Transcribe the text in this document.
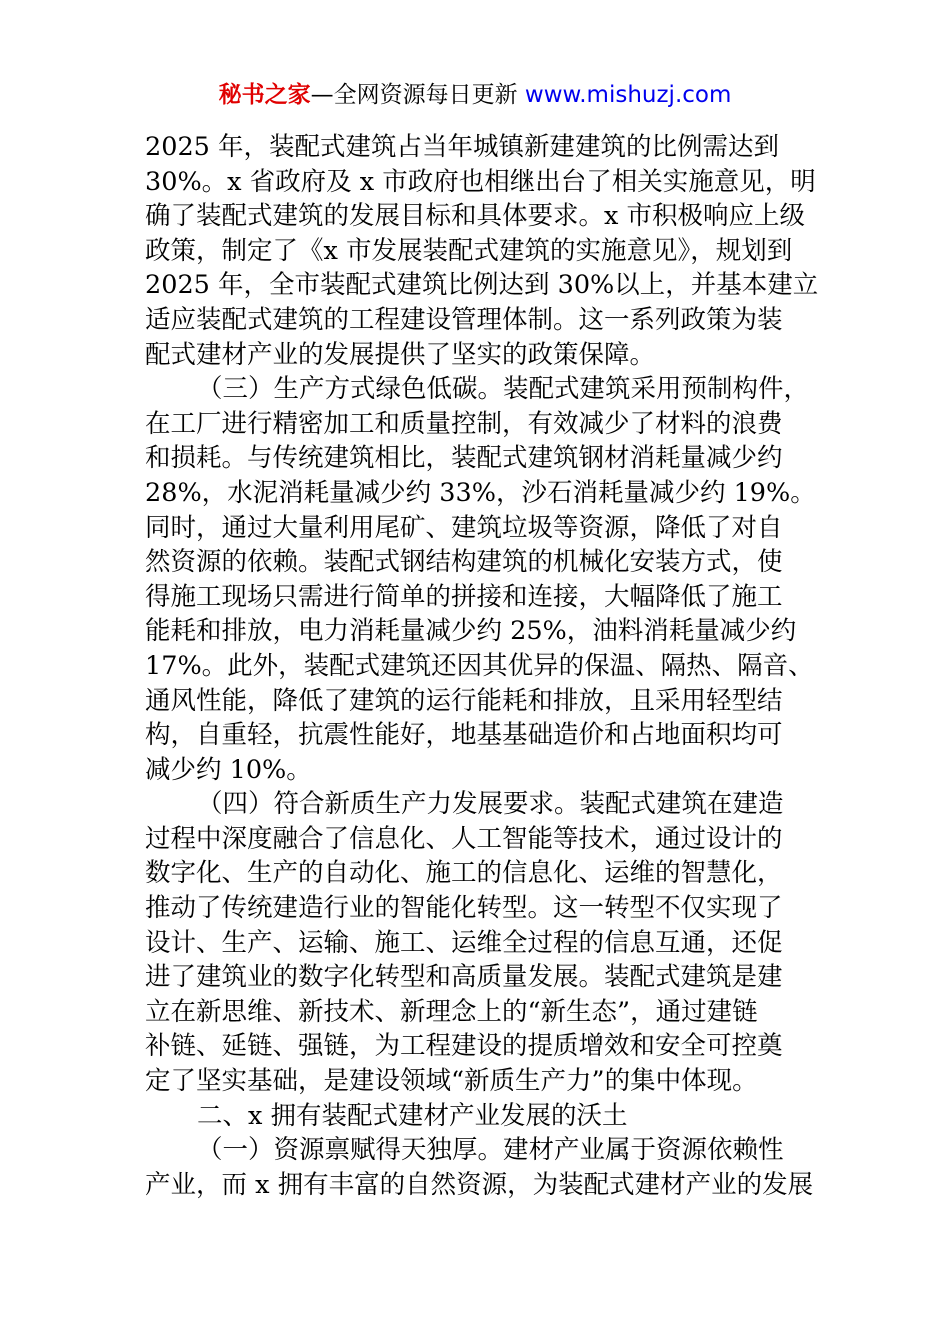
秘书之家—全网资源每日更新 www.mishuzj.com
2025 年，装配式建筑占当年城镇新建建筑的比例需达到
30%。x 省政府及 x 市政府也相继出台了相关实施意见，明
确了装配式建筑的发展目标和具体要求。x 市积极响应上级
政策，制定了《x 市发展装配式建筑的实施意见》，规划到
2025 年，全市装配式建筑比例达到 30%以上，并基本建立
适应装配式建筑的工程建设管理体制。这一系列政策为装
配式建材产业的发展提供了坚实的政策保障。
（三）生产方式绿色低碳。装配式建筑采用预制构件，
在工厂进行精密加工和质量控制，有效减少了材料的浪费
和损耗。与传统建筑相比，装配式建筑钢材消耗量减少约
28%，水泥消耗量减少约 33%，沙石消耗量减少约 19%。
同时，通过大量利用尾矿、建筑垃圾等资源，降低了对自
然资源的依赖。装配式钢结构建筑的机械化安装方式，使
得施工现场只需进行简单的拼接和连接，大幅降低了施工
能耗和排放，电力消耗量减少约 25%，油料消耗量减少约
17%。此外，装配式建筑还因其优异的保温、隔热、隔音、
通风性能，降低了建筑的运行能耗和排放，且采用轻型结
构，自重轻，抗震性能好，地基基础造价和占地面积均可
减少约 10%。
（四）符合新质生产力发展要求。装配式建筑在建造
过程中深度融合了信息化、人工智能等技术，通过设计的
数字化、生产的自动化、施工的信息化、运维的智慧化，
推动了传统建造行业的智能化转型。这一转型不仅实现了
设计、生产、运输、施工、运维全过程的信息互通，还促
进了建筑业的数字化转型和高质量发展。装配式建筑是建
立在新思维、新技术、新理念上的“新生态”，通过建链
补链、延链、强链，为工程建设的提质增效和安全可控奠
定了坚实基础，是建设领域“新质生产力”的集中体现。
二、x 拥有装配式建材产业发展的沃土
（一）资源禀赋得天独厚。建材产业属于资源依赖性
产业，而 x 拥有丰富的自然资源，为装配式建材产业的发展
